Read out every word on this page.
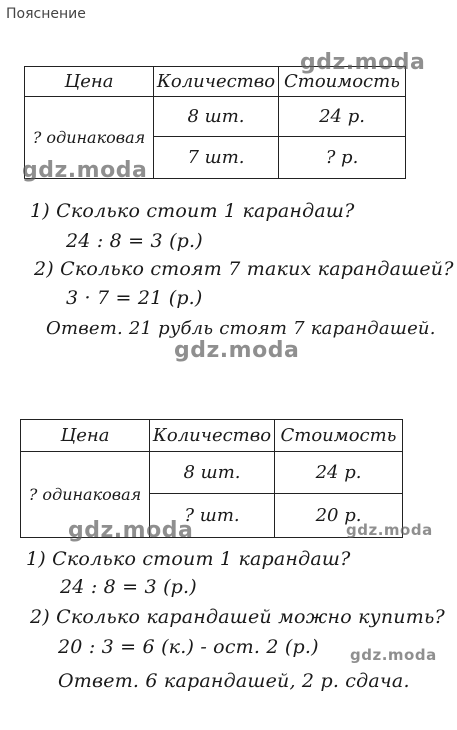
Пояснение
Цена	Количество	Стоимость
? одинаковая	8 шт.	24 р.
	7 шт.	? р.
1) Сколько стоит 1 карандаш?
24 : 8 = 3 (р.)
2) Сколько стоят 7 таких карандашей?
3 · 7 = 21 (р.)
Ответ. 21 рубль стоят 7 карандашей.
Цена	Количество	Стоимость
? одинаковая	8 шт.	24 р.
	? шт.	20 р.
1) Сколько стоит 1 карандаш?
24 : 8 = 3 (р.)
2) Сколько карандашей можно купить?
20 : 3 = 6 (к.) - ост. 2 (р.)
Ответ. 6 карандашей, 2 р. сдача.
gdz.moda
gdz.moda
gdz.moda
gdz.moda	gdz.moda
gdz.moda
